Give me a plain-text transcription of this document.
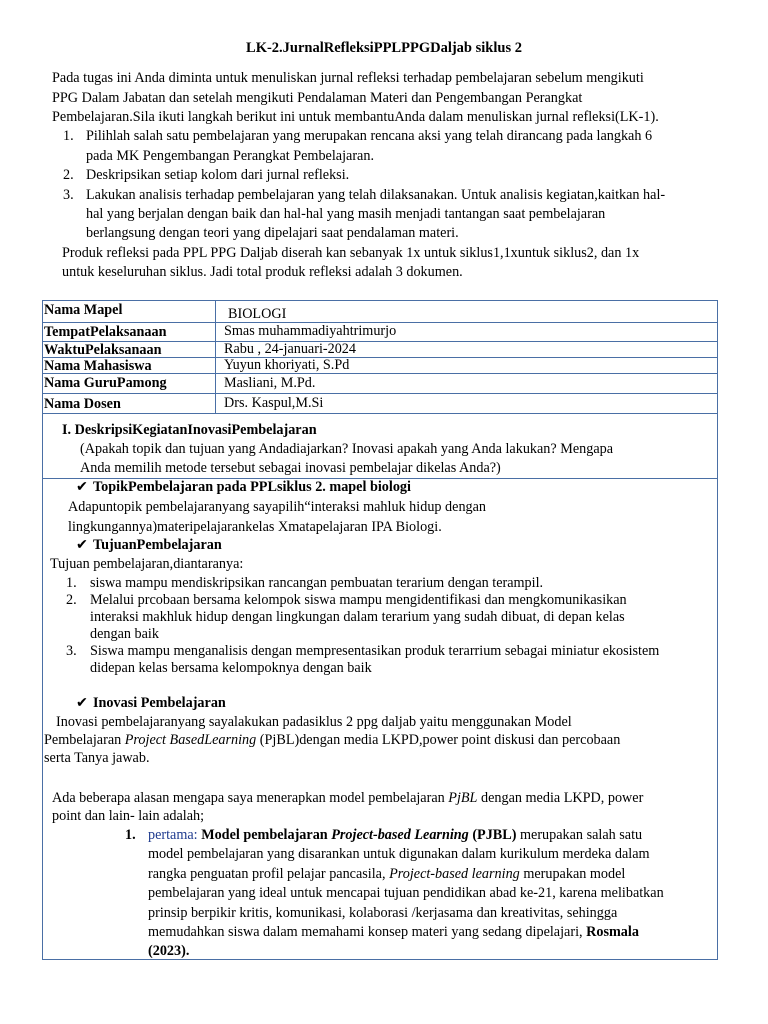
LK-2.JurnalRefleksiPPLPPGDaljab siklus 2
Pada tugas ini Anda diminta untuk menuliskan jurnal refleksi terhadap pembelajaran sebelum mengikuti
PPG Dalam Jabatan dan setelah mengikuti Pendalaman Materi dan Pengembangan Perangkat
Pembelajaran.Sila ikuti langkah berikut ini untuk membantuAnda dalam menuliskan jurnal refleksi(LK-1).
1. Pilihlah salah satu pembelajaran yang merupakan rencana aksi yang telah dirancang pada langkah 6
pada MK Pengembangan Perangkat Pembelajaran.
2. Deskripsikan setiap kolom dari jurnal refleksi.
3. Lakukan analisis terhadap pembelajaran yang telah dilaksanakan. Untuk analisis kegiatan,kaitkan hal-
hal yang berjalan dengan baik dan hal-hal yang masih menjadi tantangan saat pembelajaran
berlangsung dengan teori yang dipelajari saat pendalaman materi.
Produk refleksi pada PPL PPG Daljab diserah kan sebanyak 1x untuk siklus1,1xuntuk siklus2, dan 1x
untuk keseluruhan siklus. Jadi total produk refleksi adalah 3 dokumen.
Nama Mapel	BIOLOGI
TempatPelaksanaan	Smas muhammadiyahtrimurjo
WaktuPelaksanaan	Rabu , 24-januari-2024
Nama Mahasiswa	Yuyun khoriyati, S.Pd
Nama GuruPamong	Masliani, M.Pd.
Nama Dosen	Drs. Kaspul,M.Si
I. DeskripsiKegiatanInovasiPembelajaran
(Apakah topik dan tujuan yang Andadiajarkan? Inovasi apakah yang Anda lakukan? Mengapa
Anda memilih metode tersebut sebagai inovasi pembelajar dikelas Anda?)
✔ TopikPembelajaran pada PPLsiklus 2. mapel biologi
Adapuntopik pembelajaranyang sayapilih“interaksi mahluk hidup dengan
lingkungannya)materipelajarankelas Xmatapelajaran IPA Biologi.
✔ TujuanPembelajaran
Tujuan pembelajaran,diantaranya:
1. siswa mampu mendiskripsikan rancangan pembuatan terarium dengan terampil.
2. Melalui prcobaan bersama kelompok siswa mampu mengidentifikasi dan mengkomunikasikan
interaksi makhluk hidup dengan lingkungan dalam terarium yang sudah dibuat, di depan kelas
dengan baik
3. Siswa mampu menganalisis dengan mempresentasikan produk terarrium sebagai miniatur ekosistem
didepan kelas bersama kelompoknya dengan baik
✔ Inovasi Pembelajaran
Inovasi pembelajaranyang sayalakukan padasiklus 2 ppg daljab yaitu menggunakan Model
Pembelajaran Project BasedLearning (PjBL)dengan media LKPD,power point diskusi dan percobaan
serta Tanya jawab.
Ada beberapa alasan mengapa saya menerapkan model pembelajaran PjBL dengan media LKPD, power
point dan lain- lain adalah;
1. pertama: Model pembelajaran Project-based Learning (PJBL) merupakan salah satu
model pembelajaran yang disarankan untuk digunakan dalam kurikulum merdeka dalam
rangka penguatan profil pelajar pancasila, Project-based learning merupakan model
pembelajaran yang ideal untuk mencapai tujuan pendidikan abad ke-21, karena melibatkan
prinsip berpikir kritis, komunikasi, kolaborasi /kerjasama dan kreativitas, sehingga
memudahkan siswa dalam memahami konsep materi yang sedang dipelajari, Rosmala
(2023).
